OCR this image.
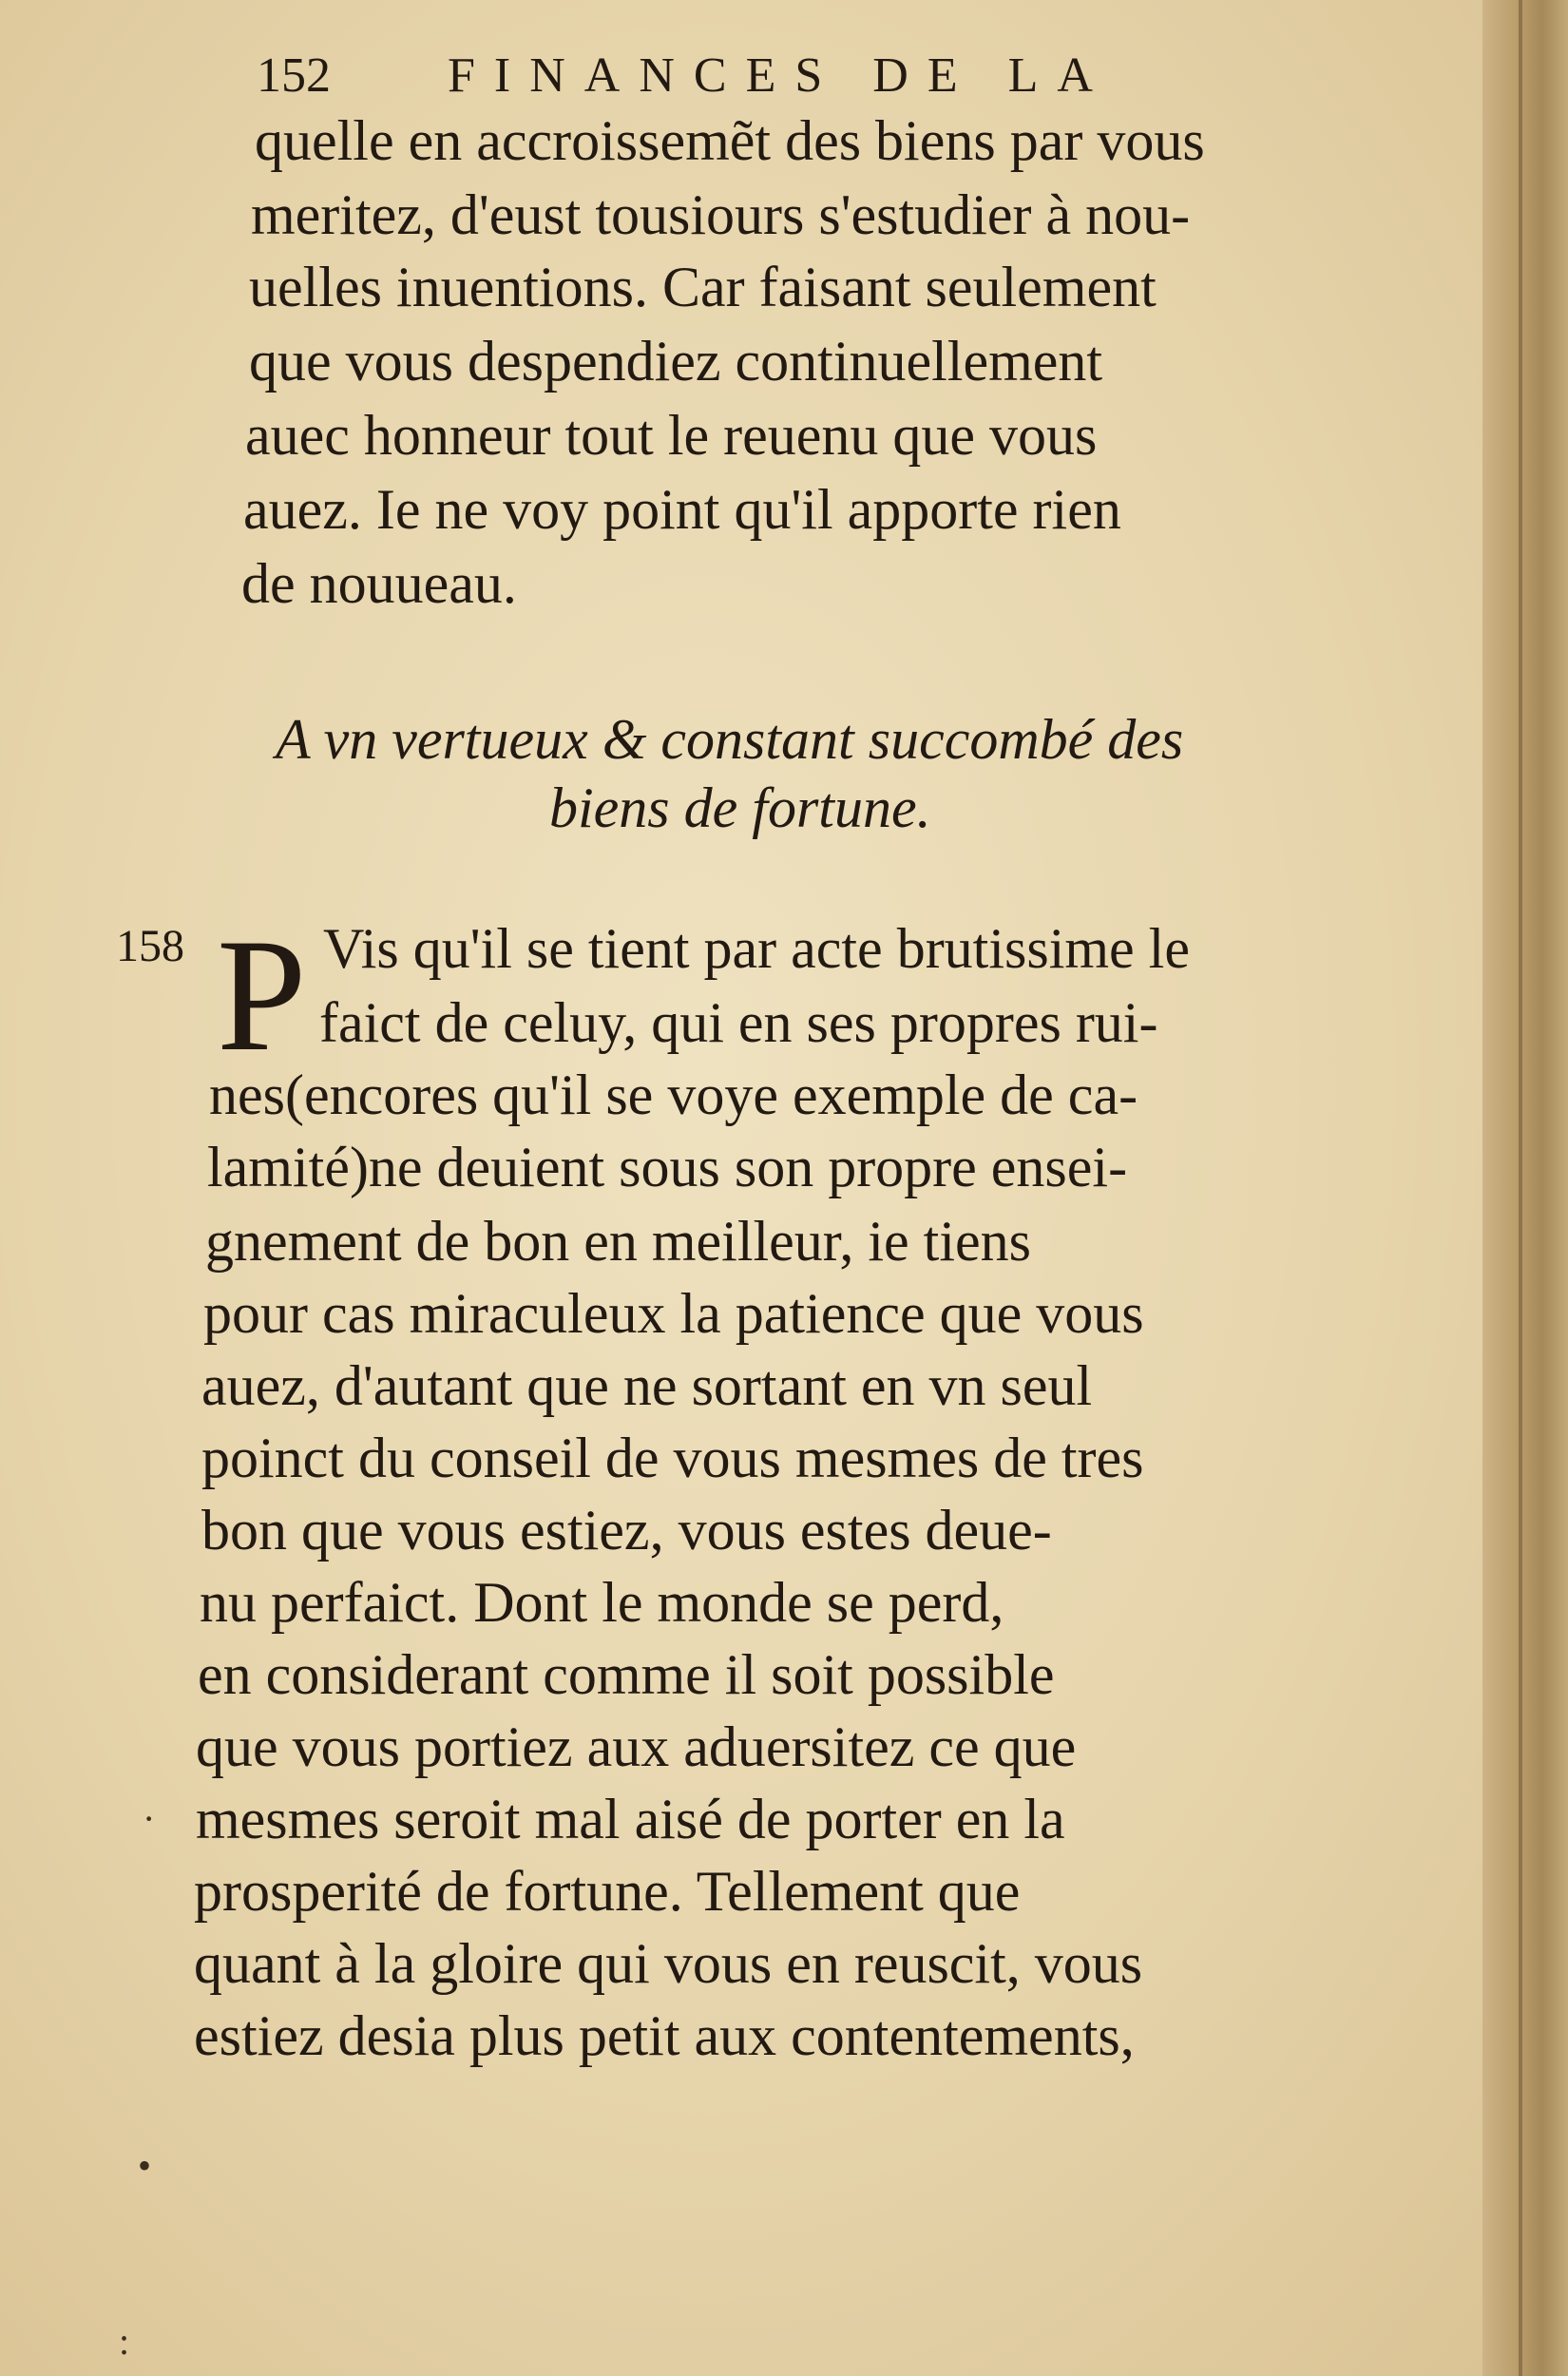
152 FINANCES DE LA
quelle en accroissemẽt des biens par vous
meritez, d'eust tousiours s'estudier à nou-
uelles inuentions. Car faisant seulement
que vous despendiez continuellement
auec honneur tout le reuenu que vous
auez. Ie ne voy point qu'il apporte rien
de nouueau.
A vn vertueux & constant succombé des
biens de fortune.
158 P Vis qu'il se tient par acte brutissime le
faict de celuy, qui en ses propres rui-
nes(encores qu'il se voye exemple de ca-
lamité)ne deuient sous son propre ensei-
gnement de bon en meilleur, ie tiens
pour cas miraculeux la patience que vous
auez, d'autant que ne sortant en vn seul
poinct du conseil de vous mesmes de tres
bon que vous estiez, vous estes deue-
nu perfaict. Dont le monde se perd,
en considerant comme il soit possible
que vous portiez aux aduersitez ce que
mesmes seroit mal aisé de porter en la
prosperité de fortune. Tellement que
quant à la gloire qui vous en reuscit, vous
estiez desia plus petit aux contentements,
•
:
·
